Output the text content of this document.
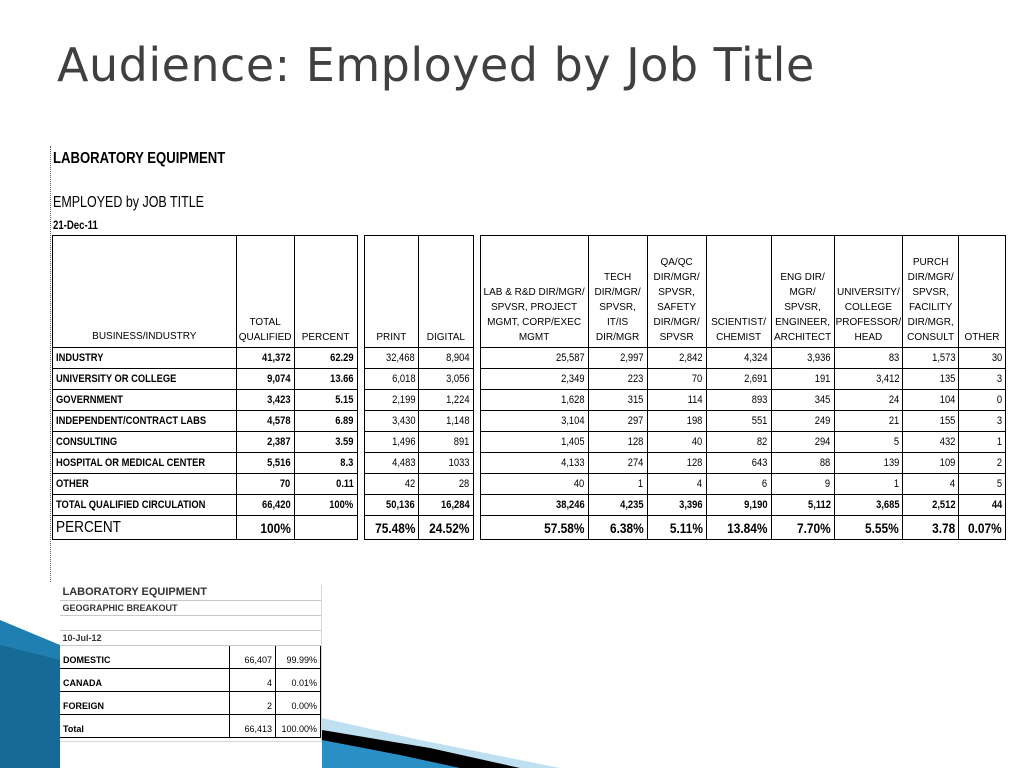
Audience: Employed by Job Title
LABORATORY EQUIPMENT
EMPLOYED by JOB TITLE
21-Dec-11
BUSINESS/INDUSTRY	TOTAL QUALIFIED	PERCENT		PRINT	DIGITAL		LAB & R&D DIR/MGR/ SPVSR, PROJECT MGMT, CORP/EXEC MGMT	TECH DIR/MGR/ SPVSR, IT/IS DIR/MGR	QA/QC DIR/MGR/ SPVSR, SAFETY DIR/MGR/ SPVSR	SCIENTIST/ CHEMIST	ENG DIR/ MGR/ SPVSR, ENGINEER, ARCHITECT	UNIVERSITY/ COLLEGE PROFESSOR/ HEAD	PURCH DIR/MGR/ SPVSR, FACILITY DIR/MGR, CONSULT	OTHER
INDUSTRY	41,372	62.29		32,468	8,904		25,587	2,997	2,842	4,324	3,936	83	1,573	30
UNIVERSITY OR COLLEGE	9,074	13.66		6,018	3,056		2,349	223	70	2,691	191	3,412	135	3
GOVERNMENT	3,423	5.15		2,199	1,224		1,628	315	114	893	345	24	104	0
INDEPENDENT/CONTRACT LABS	4,578	6.89		3,430	1,148		3,104	297	198	551	249	21	155	3
CONSULTING	2,387	3.59		1,496	891		1,405	128	40	82	294	5	432	1
HOSPITAL OR MEDICAL CENTER	5,516	8.3		4,483	1033		4,133	274	128	643	88	139	109	2
OTHER	70	0.11		42	28		40	1	4	6	9	1	4	5
TOTAL QUALIFIED CIRCULATION	66,420	100%		50,136	16,284		38,246	4,235	3,396	9,190	5,112	3,685	2,512	44
PERCENT	100%			75.48%	24.52%		57.58%	6.38%	5.11%	13.84%	7.70%	5.55%	3.78	0.07%
LABORATORY EQUIPMENT		
GEOGRAPHIC BREAKOUT		

10-Jul-12		
DOMESTIC	66,407	99.99%
CANADA	4	0.01%
FOREIGN	2	0.00%
Total	66,413	100.00%
